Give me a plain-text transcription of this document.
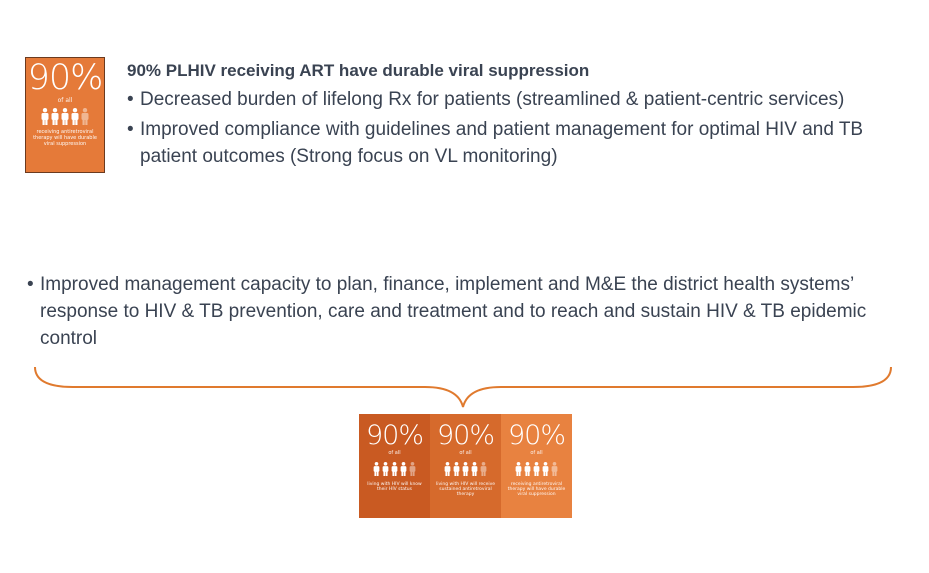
90%
of all
receiving antiretroviral therapy will have durable viral suppression
90% PLHIV receiving ART have durable viral suppression
• Decreased burden of lifelong Rx for patients (streamlined & patient-centric services)
• Improved compliance with guidelines and patient management for optimal HIV and TB patient outcomes (Strong focus on VL monitoring)
• Improved management capacity to plan, finance, implement and M&E the district health systems’ response to HIV & TB prevention, care and treatment and to reach and sustain HIV & TB epidemic control
90%
of all
living with HIV will know their HIV status
90%
of all
living with HIV will receive sustained antiretroviral therapy
90%
of all
receiving antiretroviral therapy will have durable viral suppression
